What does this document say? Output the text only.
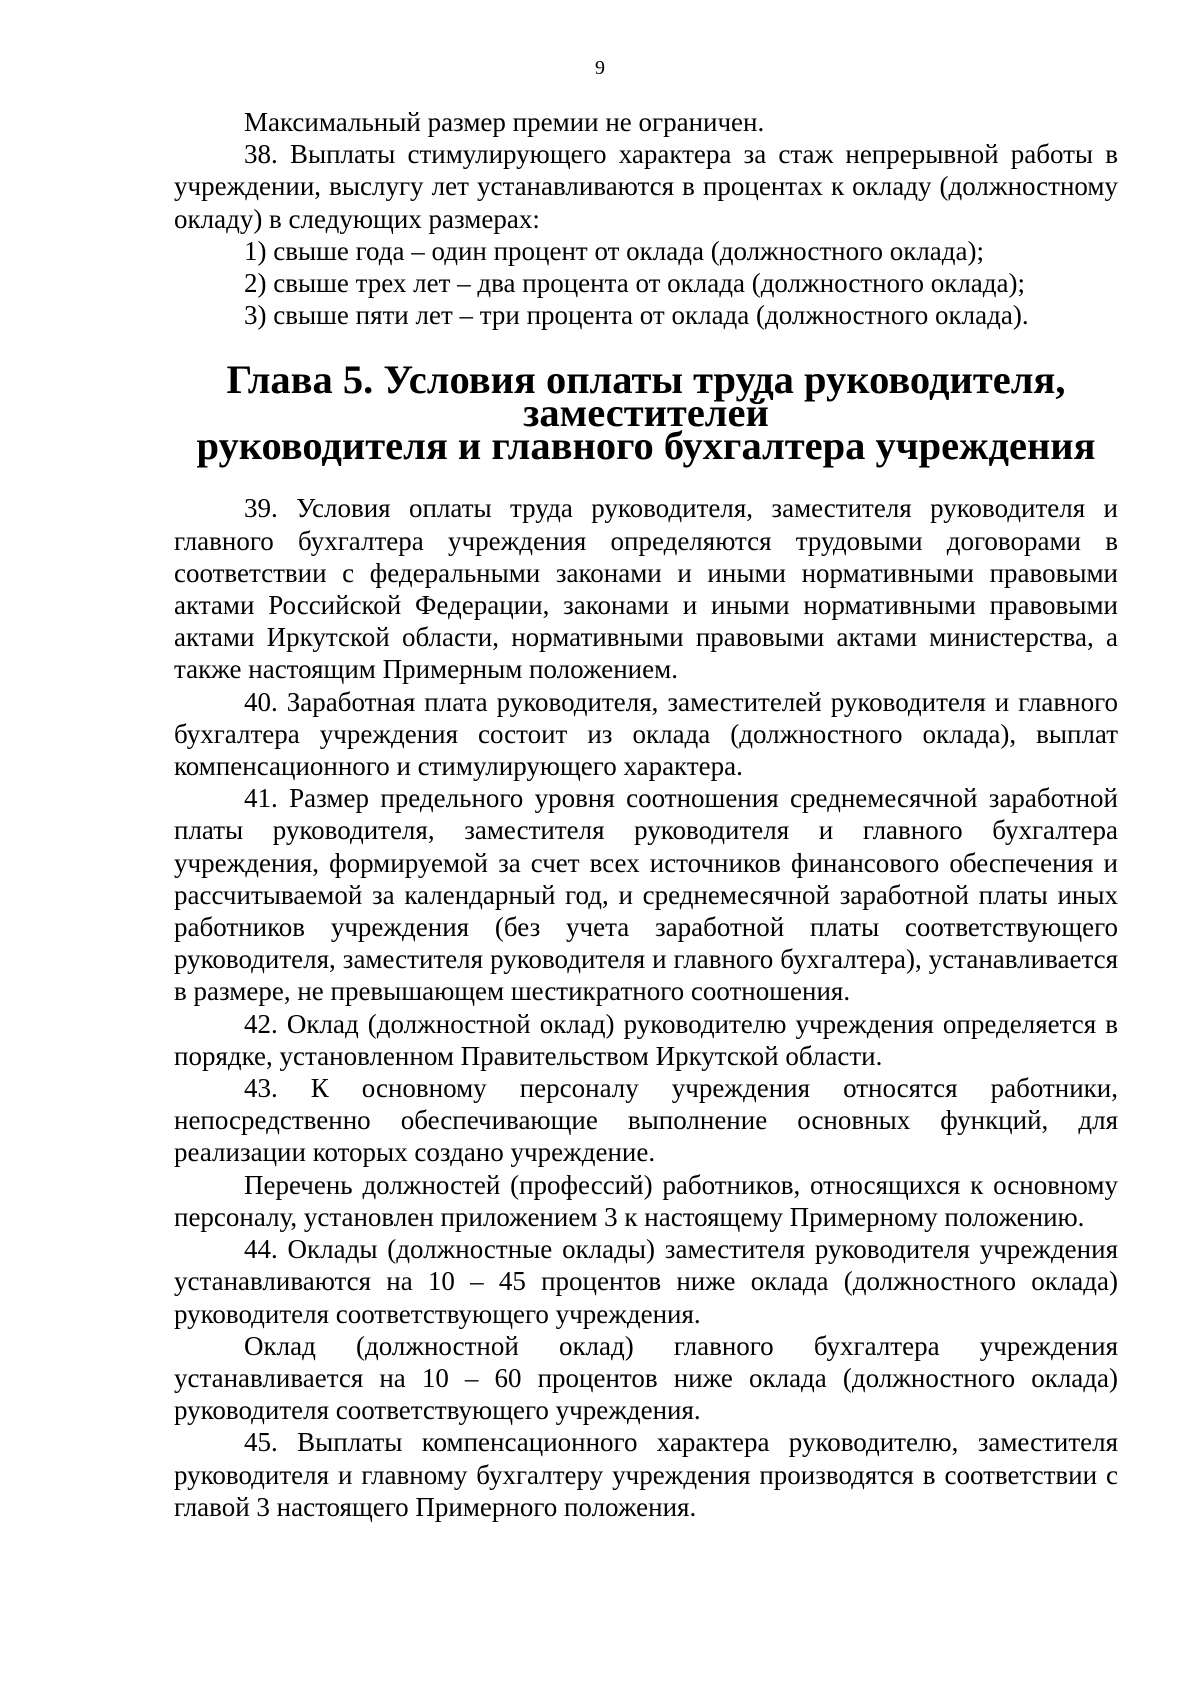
9

Максимальный размер премии не ограничен.

38. Выплаты стимулирующего характера за стаж непрерывной работы в учреждении, выслугу лет устанавливаются в процентах к окладу (должностному окладу) в следующих размерах:

1) свыше года – один процент от оклада (должностного оклада);

2) свыше трех лет – два процента от оклада (должностного оклада);

3) свыше пяти лет – три процента от оклада (должностного оклада).

Глава 5. Условия оплаты труда руководителя, заместителей
руководителя и главного бухгалтера учреждения

39. Условия оплаты труда руководителя, заместителя руководителя и главного бухгалтера учреждения определяются трудовыми договорами в соответствии с федеральными законами и иными нормативными правовыми актами Российской Федерации, законами и иными нормативными правовыми актами Иркутской области, нормативными правовыми актами министерства, а также настоящим Примерным положением.

40. Заработная плата руководителя, заместителей руководителя и главного бухгалтера учреждения состоит из оклада (должностного оклада), выплат компенсационного и стимулирующего характера.

41. Размер предельного уровня соотношения среднемесячной заработной платы руководителя, заместителя руководителя и главного бухгалтера учреждения, формируемой за счет всех источников финансового обеспечения и рассчитываемой за календарный год, и среднемесячной заработной платы иных работников учреждения (без учета заработной платы соответствующего руководителя, заместителя руководителя и главного бухгалтера), устанавливается в размере, не превышающем шестикратного соотношения.

42. Оклад (должностной оклад) руководителю учреждения определяется в порядке, установленном Правительством Иркутской области.

43. К основному персоналу учреждения относятся работники, непосредственно обеспечивающие выполнение основных функций, для реализации которых создано учреждение.

Перечень должностей (профессий) работников, относящихся к основному персоналу, установлен приложением 3 к настоящему Примерному положению.

44. Оклады (должностные оклады) заместителя руководителя учреждения устанавливаются на 10 – 45 процентов ниже оклада (должностного оклада) руководителя соответствующего учреждения.

Оклад (должностной оклад) главного бухгалтера учреждения устанавливается на 10 – 60 процентов ниже оклада (должностного оклада) руководителя соответствующего учреждения.

45. Выплаты компенсационного характера руководителю, заместителя руководителя и главному бухгалтеру учреждения производятся в соответствии с главой 3 настоящего Примерного положения.
